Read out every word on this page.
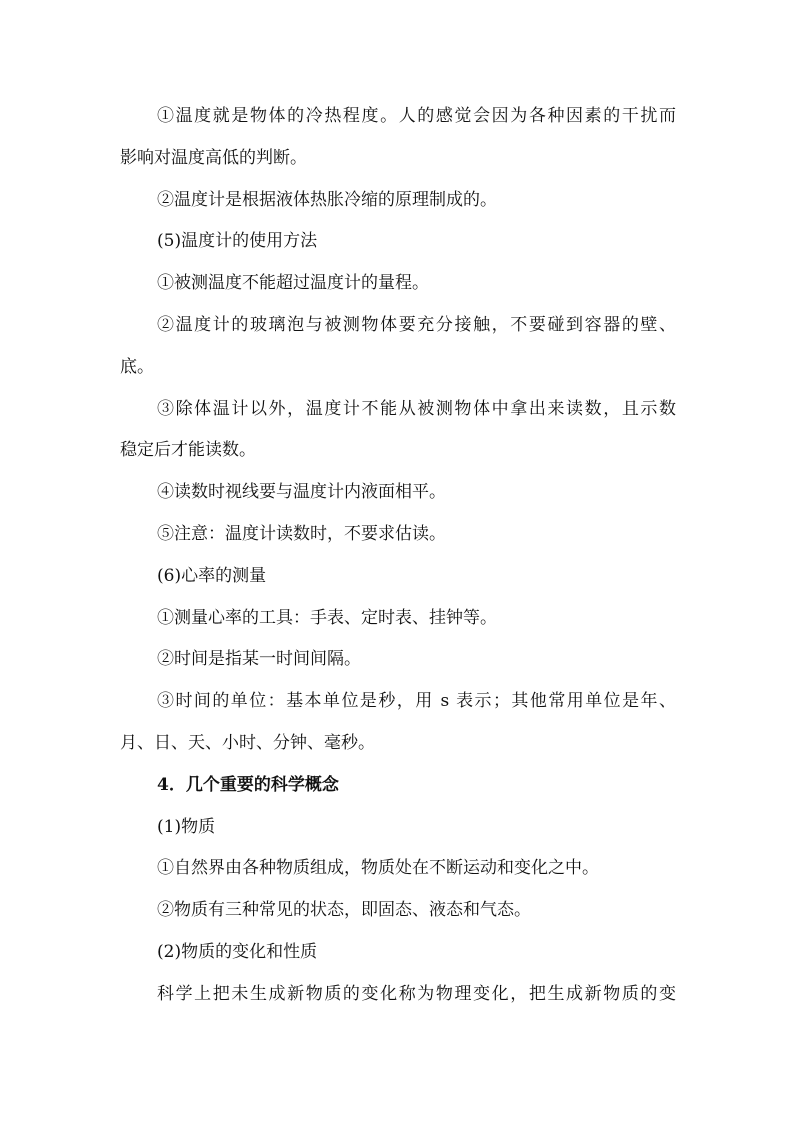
①温度就是物体的冷热程度。人的感觉会因为各种因素的干扰而
影响对温度高低的判断。
②温度计是根据液体热胀冷缩的原理制成的。
(5)温度计的使用方法
①被测温度不能超过温度计的量程。
②温度计的玻璃泡与被测物体要充分接触，不要碰到容器的壁、
底。
③除体温计以外，温度计不能从被测物体中拿出来读数，且示数
稳定后才能读数。
④读数时视线要与温度计内液面相平。
⑤注意：温度计读数时，不要求估读。
(6)心率的测量
①测量心率的工具：手表、定时表、挂钟等。
②时间是指某一时间间隔。
③时间的单位：基本单位是秒，用 s 表示；其他常用单位是年、
月、日、天、小时、分钟、毫秒。
4．几个重要的科学概念
(1)物质
①自然界由各种物质组成，物质处在不断运动和变化之中。
②物质有三种常见的状态，即固态、液态和气态。
(2)物质的变化和性质
科学上把未生成新物质的变化称为物理变化，把生成新物质的变
